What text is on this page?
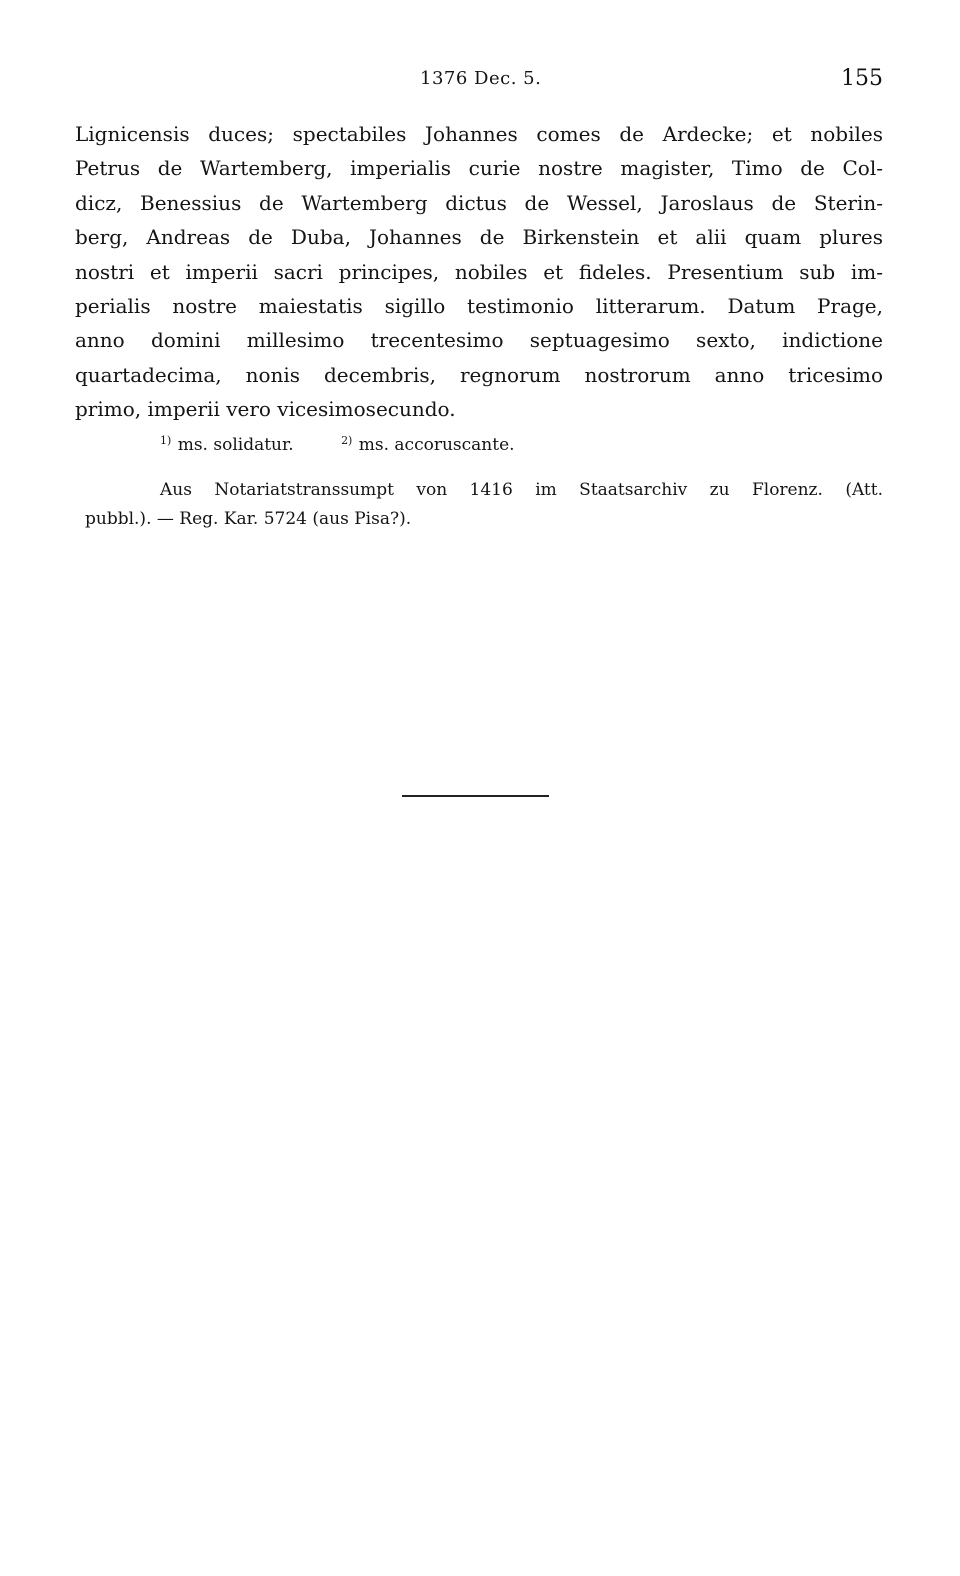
1376 Dec. 5.	155
Lignicensis duces; spectabiles Johannes comes de Ardecke; et nobiles
Petrus de Wartemberg, imperialis curie nostre magister, Timo de Col-
dicz, Benessius de Wartemberg dictus de Wessel, Jaroslaus de Sterin-
berg, Andreas de Duba, Johannes de Birkenstein et alii quam plures
nostri et imperii sacri principes, nobiles et fideles. Presentium sub im-
perialis nostre maiestatis sigillo testimonio litterarum. Datum Prage,
anno domini millesimo trecentesimo septuagesimo sexto, indictione
quartadecima, nonis decembris, regnorum nostrorum anno tricesimo
primo, imperii vero vicesimosecundo.
$^{1)}$ ms. solidatur.	$^{2)}$ ms. accoruscante.
Aus Notariatstranssumpt von 1416 im Staatsarchiv zu Florenz. (Att.
pubbl.). — Reg. Kar. 5724 (aus Pisa?).
